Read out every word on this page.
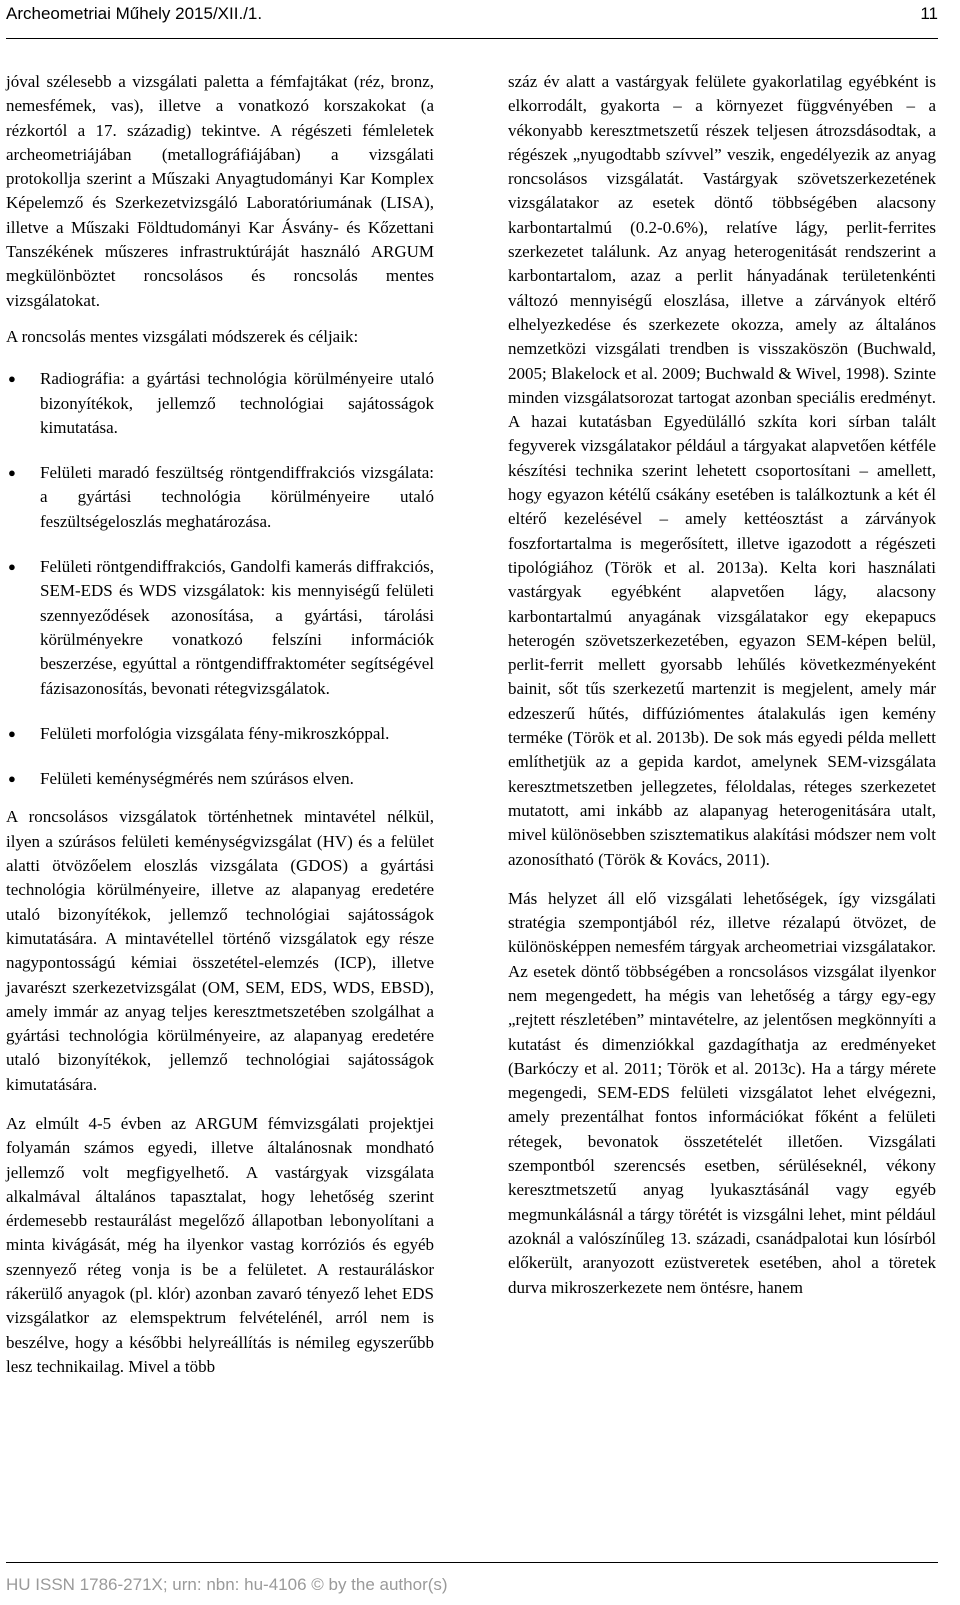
Archeometriai Műhely 2015/XII./1.	11

jóval szélesebb a vizsgálati paletta a fémfajtákat (réz, bronz, nemesfémek, vas), illetve a vonatkozó korszakokat (a rézkortól a 17. századig) tekintve. A régészeti fémleletek archeometriájában (metallográfiájában) a vizsgálati protokollja szerint a Műszaki Anyagtudományi Kar Komplex Képelemző és Szerkezetvizsgáló Laboratóriumának (LISA), illetve a Műszaki Földtudományi Kar Ásvány- és Kőzettani Tanszékének műszeres infrastruktúráját használó ARGUM megkülönböztet roncsolásos és roncsolás mentes vizsgálatokat.

A roncsolás mentes vizsgálati módszerek és céljaik:

● Radiográfia: a gyártási technológia körülményeire utaló bizonyítékok, jellemző technológiai sajátosságok kimutatása.
● Felületi maradó feszültség röntgendiffrakciós vizsgálata: a gyártási technológia körülményeire utaló feszültségeloszlás meghatározása.
● Felületi röntgendiffrakciós, Gandolfi kamerás diffrakciós, SEM-EDS és WDS vizsgálatok: kis mennyiségű felületi szennyeződések azonosítása, a gyártási, tárolási körülményekre vonatkozó felszíni információk beszerzése, egyúttal a röntgendiffraktométer segítségével fázisazonosítás, bevonati rétegvizsgálatok.
● Felületi morfológia vizsgálata fény-mikroszkóppal.
● Felületi keménységmérés nem szúrásos elven.

A roncsolásos vizsgálatok történhetnek mintavétel nélkül, ilyen a szúrásos felületi keménységvizsgálat (HV) és a felület alatti ötvözőelem eloszlás vizsgálata (GDOS) a gyártási technológia körülményeire, illetve az alapanyag eredetére utaló bizonyítékok, jellemző technológiai sajátosságok kimutatására. A mintavétellel történő vizsgálatok egy része nagypontosságú kémiai összetétel-elemzés (ICP), illetve javarészt szerkezetvizsgálat (OM, SEM, EDS, WDS, EBSD), amely immár az anyag teljes keresztmetszetében szolgálhat a gyártási technológia körülményeire, az alapanyag eredetére utaló bizonyítékok, jellemző technológiai sajátosságok kimutatására.

Az elmúlt 4-5 évben az ARGUM fémvizsgálati projektjei folyamán számos egyedi, illetve általánosnak mondható jellemző volt megfigyelhető. A vastárgyak vizsgálata alkalmával általános tapasztalat, hogy lehetőség szerint érdemesebb restaurálást megelőző állapotban lebonyolítani a minta kivágását, még ha ilyenkor vastag korróziós és egyéb szennyező réteg vonja is be a felületet. A restauráláskor rákerülő anyagok (pl. klór) azonban zavaró tényező lehet EDS vizsgálatkor az elemspektrum felvételénél, arról nem is beszélve, hogy a későbbi helyreállítás is némileg egyszerűbb lesz technikailag. Mivel a több

száz év alatt a vastárgyak felülete gyakorlatilag egyébként is elkorrodált, gyakorta – a környezet függvényében – a vékonyabb keresztmetszetű részek teljesen átrozsdásodtak, a régészek „nyugodtabb szívvel” veszik, engedélyezik az anyag roncsolásos vizsgálatát. Vastárgyak szövetszerkezetének vizsgálatakor az esetek döntő többségében alacsony karbontartalmú (0.2-0.6%), relatíve lágy, perlit-ferrites szerkezetet találunk. Az anyag heterogenitását rendszerint a karbontartalom, azaz a perlit hányadának területenkénti változó mennyiségű eloszlása, illetve a zárványok eltérő elhelyezkedése és szerkezete okozza, amely az általános nemzetközi vizsgálati trendben is visszaköszön (Buchwald, 2005; Blakelock et al. 2009; Buchwald & Wivel, 1998). Szinte minden vizsgálatsorozat tartogat azonban speciális eredményt. A hazai kutatásban Egyedülálló szkíta kori sírban talált fegyverek vizsgálatakor például a tárgyakat alapvetően kétféle készítési technika szerint lehetett csoportosítani – amellett, hogy egyazon kétélű csákány esetében is találkoztunk a két él eltérő kezelésével – amely kettéosztást a zárványok foszfortartalma is megerősített, illetve igazodott a régészeti tipológiához (Török et al. 2013a). Kelta kori használati vastárgyak egyébként alapvetően lágy, alacsony karbontartalmú anyagának vizsgálatakor egy ekepapucs heterogén szövetszerkezetében, egyazon SEM-képen belül, perlit-ferrit mellett gyorsabb lehűlés következményeként bainit, sőt tűs szerkezetű martenzit is megjelent, amely már edzeszerű hűtés, diffúziómentes átalakulás igen kemény terméke (Török et al. 2013b). De sok más egyedi példa mellett említhetjük az a gepida kardot, amelynek SEM-vizsgálata keresztmetszetben jellegzetes, féloldalas, réteges szerkezetet mutatott, ami inkább az alapanyag heterogenitására utalt, mivel különösebben szisztematikus alakítási módszer nem volt azonosítható (Török & Kovács, 2011).

Más helyzet áll elő vizsgálati lehetőségek, így vizsgálati stratégia szempontjából réz, illetve rézalapú ötvözet, de különösképpen nemesfém tárgyak archeometriai vizsgálatakor. Az esetek döntő többségében a roncsolásos vizsgálat ilyenkor nem megengedett, ha mégis van lehetőség a tárgy egy-egy „rejtett részletében” mintavételre, az jelentősen megkönnyíti a kutatást és dimenziókkal gazdagíthatja az eredményeket (Barkóczy et al. 2011; Török et al. 2013c). Ha a tárgy mérete megengedi, SEM-EDS felületi vizsgálatot lehet elvégezni, amely prezentálhat fontos információkat főként a felületi rétegek, bevonatok összetételét illetően. Vizsgálati szempontból szerencsés esetben, sérüléseknél, vékony keresztmetszetű anyag lyukasztásánál vagy egyéb megmunkálásnál a tárgy törétét is vizsgálni lehet, mint például azoknál a valószínűleg 13. századi, csanádpalotai kun lósírból előkerült, aranyozott ezüstveretek esetében, ahol a töretek durva mikroszerkezete nem öntésre, hanem

HU ISSN 1786-271X; urn: nbn: hu-4106 © by the author(s)
